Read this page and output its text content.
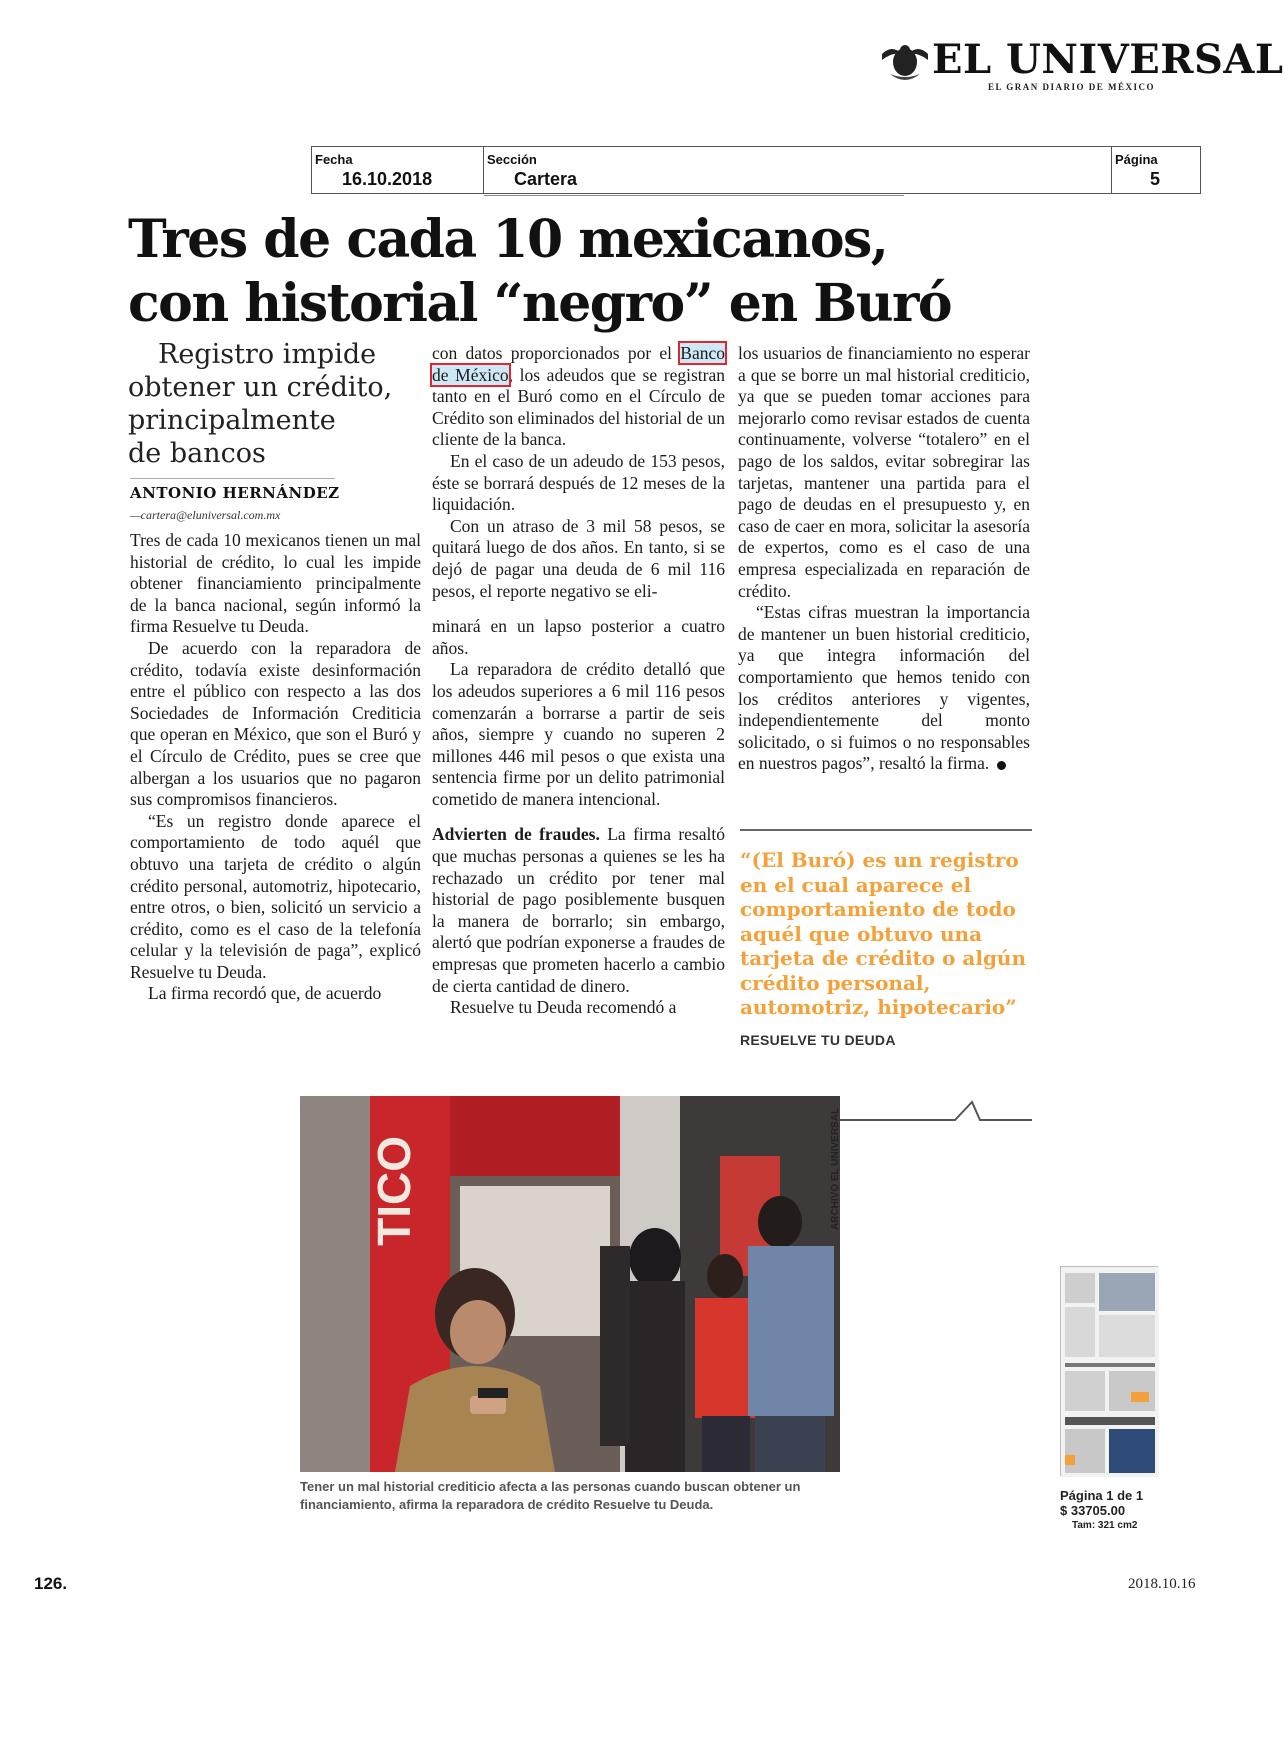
EL UNIVERSAL
EL GRAN DIARIO DE MÉXICO
Fecha
16.10.2018
Sección
Cartera
Página
5
Tres de cada 10 mexicanos,
con historial “negro” en Buró
Registro impide
obtener un crédito,
principalmente
de bancos
ANTONIO HERNÁNDEZ
—cartera@eluniversal.com.mx

Tres de cada 10 mexicanos tienen un mal historial de crédito, lo cual les impide obtener financiamiento principalmente de la banca nacional, según informó la firma Resuelve tu Deuda.

De acuerdo con la reparadora de crédito, todavía existe desinformación entre el público con respecto a las dos Sociedades de Información Crediticia que operan en México, que son el Buró y el Círculo de Crédito, pues se cree que albergan a los usuarios que no pagaron sus compromisos financieros.

“Es un registro donde aparece el comportamiento de todo aquél que obtuvo una tarjeta de crédito o algún crédito personal, automotriz, hipotecario, entre otros, o bien, solicitó un servicio a crédito, como es el caso de la telefonía celular y la televisión de paga”, explicó Resuelve tu Deuda.

La firma recordó que, de acuerdo

con datos proporcionados por el Banco de México, los adeudos que se registran tanto en el Buró como en el Círculo de Crédito son eliminados del historial de un cliente de la banca.

En el caso de un adeudo de 153 pesos, éste se borrará después de 12 meses de la liquidación.

Con un atraso de 3 mil 58 pesos, se quitará luego de dos años. En tanto, si se dejó de pagar una deuda de 6 mil 116 pesos, el reporte negativo se eli-

minará en un lapso posterior a cuatro años.

La reparadora de crédito detalló que los adeudos superiores a 6 mil 116 pesos comenzarán a borrarse a partir de seis años, siempre y cuando no superen 2 millones 446 mil pesos o que exista una sentencia firme por un delito patrimonial cometido de manera intencional.

Advierten de fraudes. La firma resaltó que muchas personas a quienes se les ha rechazado un crédito por tener mal historial de pago posiblemente busquen la manera de borrarlo; sin embargo, alertó que podrían exponerse a fraudes de empresas que prometen hacerlo a cambio de cierta cantidad de dinero.

Resuelve tu Deuda recomendó a

los usuarios de financiamiento no esperar a que se borre un mal historial crediticio, ya que se pueden tomar acciones para mejorarlo como revisar estados de cuenta continuamente, volverse “totalero” en el pago de los saldos, evitar sobregirar las tarjetas, mantener una partida para el pago de deudas en el presupuesto y, en caso de caer en mora, solicitar la asesoría de expertos, como es el caso de una empresa especializada en reparación de crédito.

“Estas cifras muestran la importancia de mantener un buen historial crediticio, ya que integra información del comportamiento que hemos tenido con los créditos anteriores y vigentes, independientemente del monto solicitado, o si fuimos o no responsables en nuestros pagos”, resaltó la firma.

“(El Buró) es un registro en el cual aparece el comportamiento de todo aquél que obtuvo una tarjeta de crédito o algún crédito personal, automotriz, hipotecario”
RESUELVE TU DEUDA
TICO	ARCHIVO EL UNIVERSAL
Tener un mal historial crediticio afecta a las personas cuando buscan obtener un financiamiento, afirma la reparadora de crédito Resuelve tu Deuda.
Página 1 de 1
$ 33705.00
Tam: 321 cm2
126.	2018.10.16
